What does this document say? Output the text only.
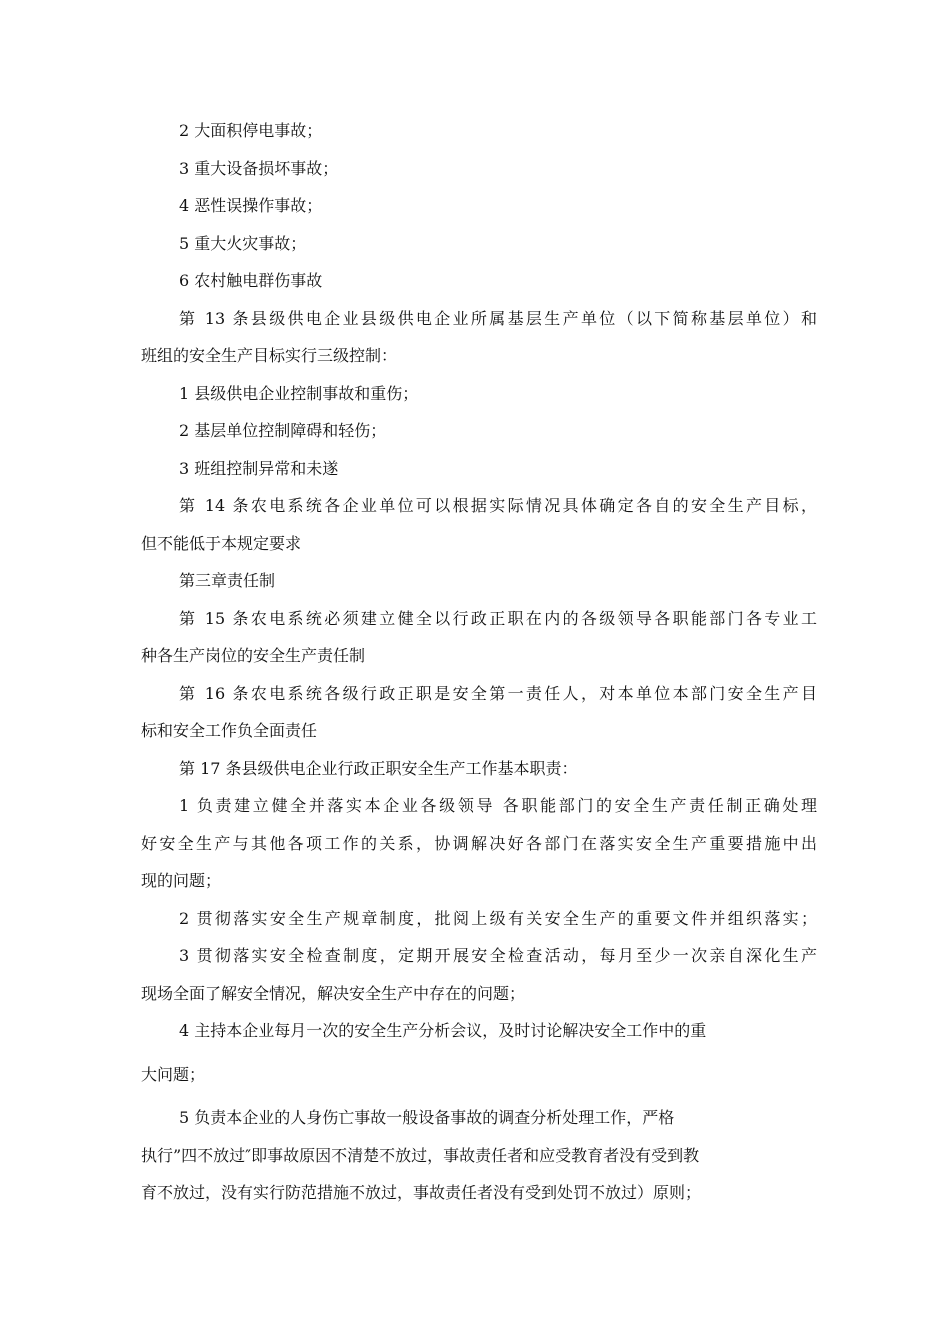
2 大面积停电事故；
3 重大设备损坏事故；
4 恶性误操作事故；
5 重大火灾事故；
6 农村触电群伤事故
第 13 条县级供电企业县级供电企业所属基层生产单位（以下简称基层单位）和
班组的安全生产目标实行三级控制：
1 县级供电企业控制事故和重伤；
2 基层单位控制障碍和轻伤；
3 班组控制异常和未遂
第 14 条农电系统各企业单位可以根据实际情况具体确定各自的安全生产目标，
但不能低于本规定要求
第三章责任制
第 15 条农电系统必须建立健全以行政正职在内的各级领导各职能部门各专业工
种各生产岗位的安全生产责任制
第 16 条农电系统各级行政正职是安全第一责任人，对本单位本部门安全生产目
标和安全工作负全面责任
第 17 条县级供电企业行政正职安全生产工作基本职责：
1 负责建立健全并落实本企业各级领导 各职能部门的安全生产责任制正确处理
好安全生产与其他各项工作的关系，协调解决好各部门在落实安全生产重要措施中出
现的问题；
2 贯彻落实安全生产规章制度，批阅上级有关安全生产的重要文件并组织落实；
3 贯彻落实安全检查制度，定期开展安全检查活动，每月至少一次亲自深化生产
现场全面了解安全情况，解决安全生产中存在的问题；
4 主持本企业每月一次的安全生产分析会议，及时讨论解决安全工作中的重
大问题；
5 负责本企业的人身伤亡事故一般设备事故的调查分析处理工作，严格
执行”四不放过″即事故原因不清楚不放过，事故责任者和应受教育者没有受到教
育不放过，没有实行防范措施不放过，事故责任者没有受到处罚不放过）原则；
